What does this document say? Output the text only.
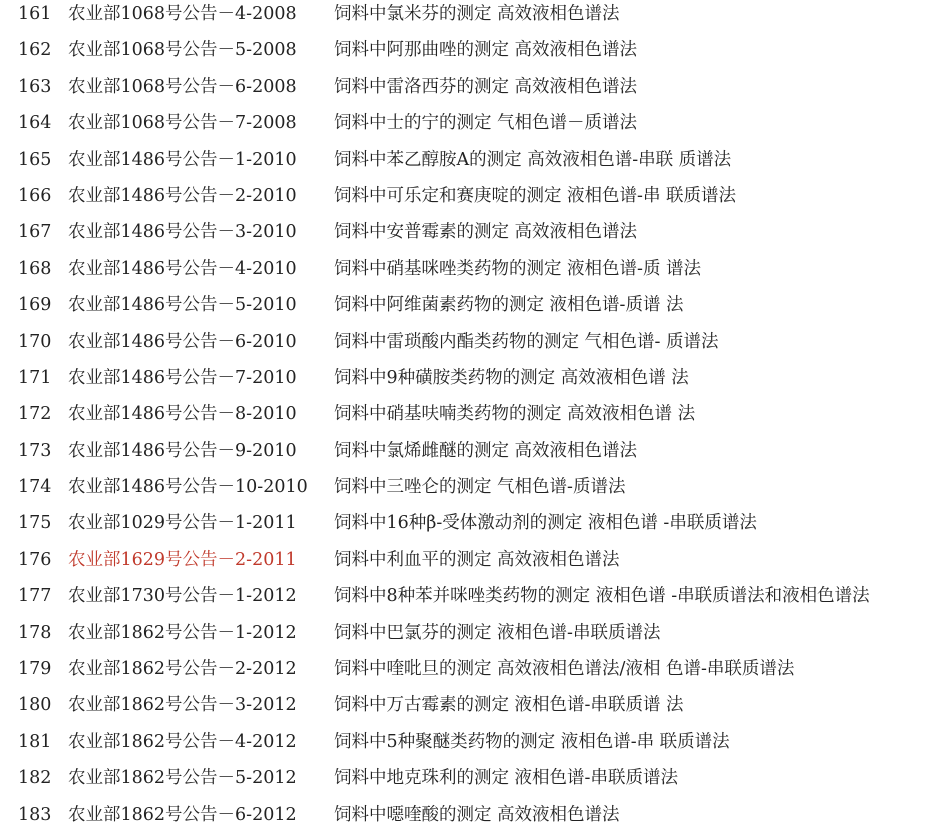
161 农业部1068号公告－4-2008 饲料中氯米芬的测定 高效液相色谱法
162 农业部1068号公告－5-2008 饲料中阿那曲唑的测定 高效液相色谱法
163 农业部1068号公告－6-2008 饲料中雷洛西芬的测定 高效液相色谱法
164 农业部1068号公告－7-2008 饲料中士的宁的测定 气相色谱－质谱法
165 农业部1486号公告－1-2010 饲料中苯乙醇胺A的测定 高效液相色谱-串联 质谱法
166 农业部1486号公告－2-2010 饲料中可乐定和赛庚啶的测定 液相色谱-串 联质谱法
167 农业部1486号公告－3-2010 饲料中安普霉素的测定 高效液相色谱法
168 农业部1486号公告－4-2010 饲料中硝基咪唑类药物的测定 液相色谱-质 谱法
169 农业部1486号公告－5-2010 饲料中阿维菌素药物的测定 液相色谱-质谱 法
170 农业部1486号公告－6-2010 饲料中雷琐酸内酯类药物的测定 气相色谱- 质谱法
171 农业部1486号公告－7-2010 饲料中9种磺胺类药物的测定 高效液相色谱 法
172 农业部1486号公告－8-2010 饲料中硝基呋喃类药物的测定 高效液相色谱 法
173 农业部1486号公告－9-2010 饲料中氯烯雌醚的测定 高效液相色谱法
174 农业部1486号公告－10-2010 饲料中三唑仑的测定 气相色谱-质谱法
175 农业部1029号公告－1-2011 饲料中16种β-受体激动剂的测定 液相色谱 -串联质谱法
176 农业部1629号公告－2-2011 饲料中利血平的测定 高效液相色谱法
177 农业部1730号公告－1-2012 饲料中8种苯并咪唑类药物的测定 液相色谱 -串联质谱法和液相色谱法
178 农业部1862号公告－1-2012 饲料中巴氯芬的测定 液相色谱-串联质谱法
179 农业部1862号公告－2-2012 饲料中喹吡旦的测定 高效液相色谱法/液相 色谱-串联质谱法
180 农业部1862号公告－3-2012 饲料中万古霉素的测定 液相色谱-串联质谱 法
181 农业部1862号公告－4-2012 饲料中5种聚醚类药物的测定 液相色谱-串 联质谱法
182 农业部1862号公告－5-2012 饲料中地克珠利的测定 液相色谱-串联质谱法
183 农业部1862号公告－6-2012 饲料中噁喹酸的测定 高效液相色谱法
